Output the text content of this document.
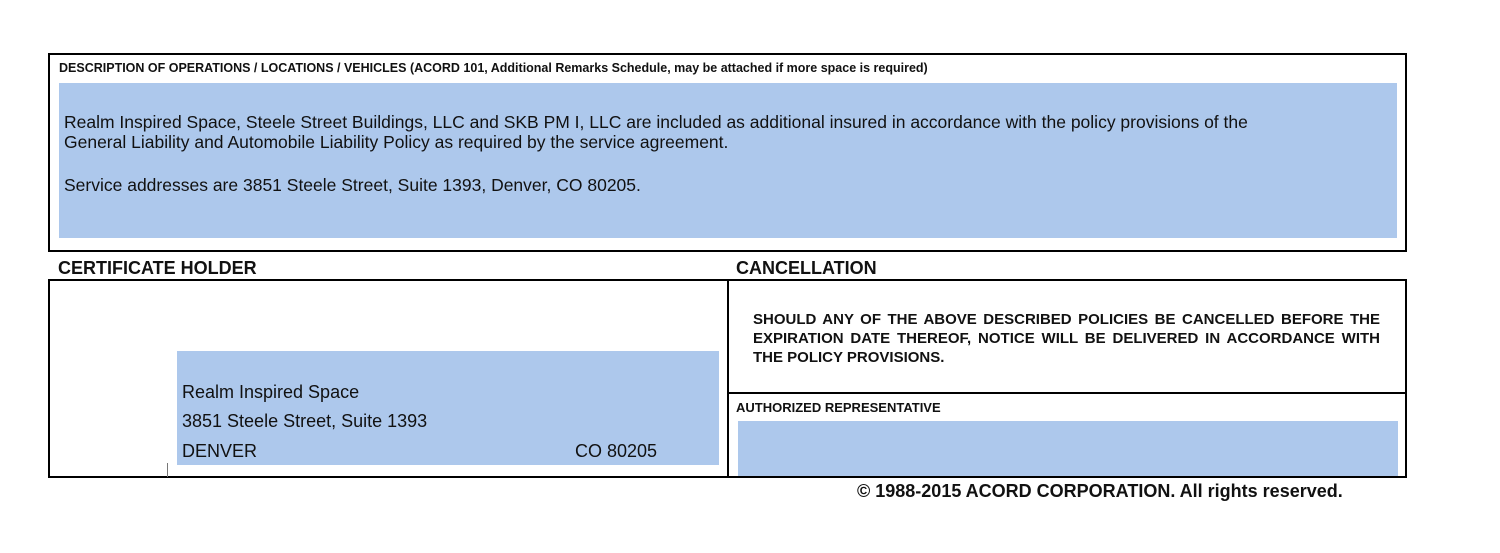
DESCRIPTION OF OPERATIONS / LOCATIONS / VEHICLES (ACORD 101, Additional Remarks Schedule, may be attached if more space is required)
Realm Inspired Space, Steele Street Buildings, LLC and SKB PM I, LLC are included as additional insured in accordance with the policy provisions of the
General Liability and Automobile Liability Policy as required by the service agreement.
Service addresses are 3851 Steele Street, Suite 1393, Denver, CO 80205.
CERTIFICATE HOLDER	CANCELLATION
Realm Inspired Space
3851 Steele Street, Suite 1393
DENVER	CO 80205
SHOULD ANY OF THE ABOVE DESCRIBED POLICIES BE CANCELLED BEFORE THE EXPIRATION DATE THEREOF, NOTICE WILL BE DELIVERED IN ACCORDANCE WITH THE POLICY PROVISIONS.
AUTHORIZED REPRESENTATIVE
© 1988-2015 ACORD CORPORATION. All rights reserved.
